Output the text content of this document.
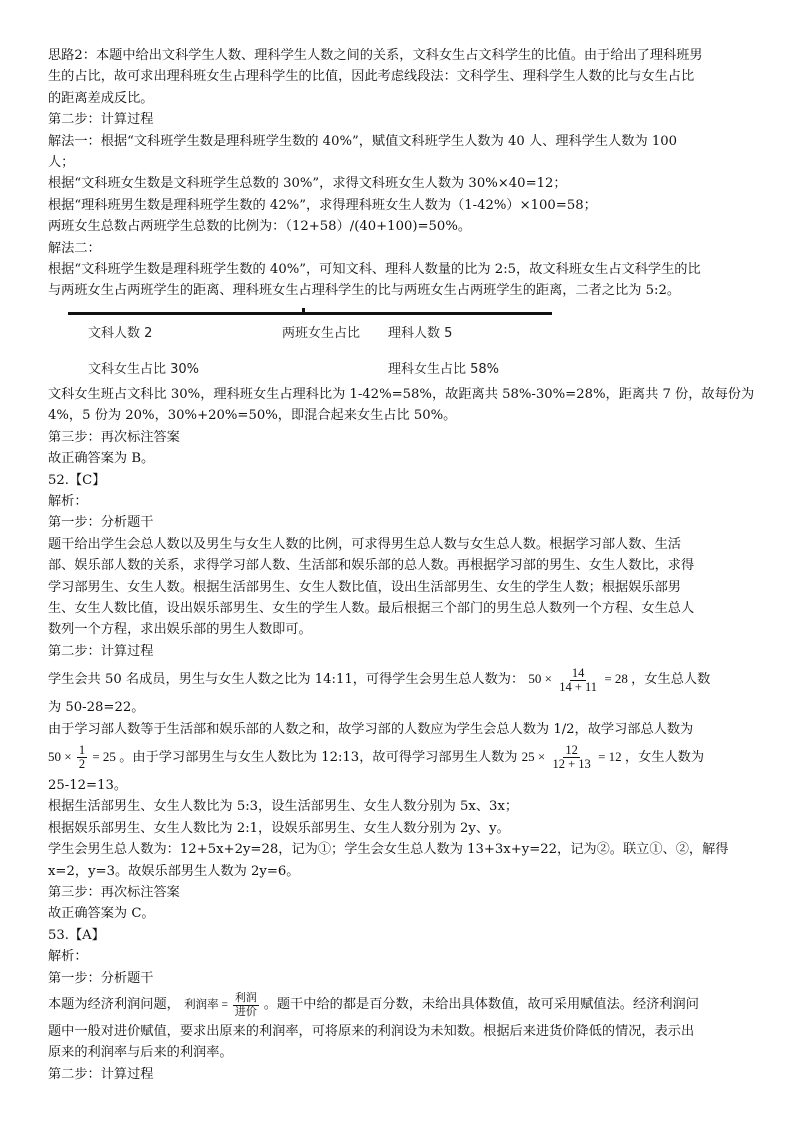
思路2：本题中给出文科学生人数、理科学生人数之间的关系，文科女生占文科学生的比值。由于给出了理科班男

生的占比，故可求出理科班女生占理科学生的比值，因此考虑线段法：文科学生、理科学生人数的比与女生占比

的距离差成反比。

第二步：计算过程

解法一：根据“文科班学生数是理科班学生数的 40%”，赋值文科班学生人数为 40 人、理科学生人数为 100

人；

根据“文科班女生数是文科班学生总数的 30%”，求得文科班女生人数为 30%×40=12；

根据“理科班男生数是理科班学生数的 42%”，求得理科班女生人数为（1-42%）×100=58；

两班女生总数占两班学生总数的比例为：（12+58）/(40+100)=50%。

解法二：

根据“文科班学生数是理科班学生数的 40%”，可知文科、理科人数量的比为 2:5，故文科班女生占文科学生的比

与两班女生占两班学生的距离、理科班女生占理科学生的比与两班女生占两班学生的距离，二者之比为 5:2。

文科人数 2	两班女生占比 理科人数 5
文科女生占比 30%	理科女生占比 58%

文科女生班占文科比 30%，理科班女生占理科比为 1-42%=58%，故距离共 58%-30%=28%，距离共 7 份，故每份为

4%，5 份为 20%，30%+20%=50%，即混合起来女生占比 50%。

第三步：再次标注答案

故正确答案为 B。

52.【C】

解析：

第一步：分析题干

题干给出学生会总人数以及男生与女生人数的比例，可求得男生总人数与女生总人数。根据学习部人数、生活

部、娱乐部人数的关系，求得学习部人数、生活部和娱乐部的总人数。再根据学习部的男生、女生人数比，求得

学习部男生、女生人数。根据生活部男生、女生人数比值，设出生活部男生、女生的学生人数；根据娱乐部男

生、女生人数比值，设出娱乐部男生、女生的学生人数。最后根据三个部门的男生总人数列一个方程、女生总人

数列一个方程，求出娱乐部的男生人数即可。

第二步：计算过程

学生会共 50 名成员，男生与女生人数之比为 14:11，可得学生会男生总人数为： $50 \times \frac{14}{14 + 11} = 28$ ，女生总人数

为 50-28=22。

由于学习部人数等于生活部和娱乐部的人数之和，故学习部的人数应为学生会总人数为 1/2，故学习部总人数为

$50 \times \frac{1}{2} = 25$ 。由于学习部男生与女生人数比为 12:13，故可得学习部男生人数为 $25 \times \frac{12}{12 + 13} = 12$ ，女生人数为

25-12=13。

根据生活部男生、女生人数比为 5:3，设生活部男生、女生人数分别为 5x、3x；

根据娱乐部男生、女生人数比为 2:1，设娱乐部男生、女生人数分别为 2y、y。

学生会男生总人数为：12+5x+2y=28，记为①；学生会女生总人数为 13+3x+y=22，记为②。联立①、②，解得

x=2，y=3。故娱乐部男生人数为 2y=6。

第三步：再次标注答案

故正确答案为 C。

53.【A】

解析：

第一步：分析题干

本题为经济利润问题， 利润率 = $\frac{\text{利润}}{\text{进价}}$ 。题干中给的都是百分数，未给出具体数值，故可采用赋值法。经济利润问

题中一般对进价赋值，要求出原来的利润率，可将原来的利润设为未知数。根据后来进货价降低的情况，表示出

原来的利润率与后来的利润率。

第二步：计算过程
